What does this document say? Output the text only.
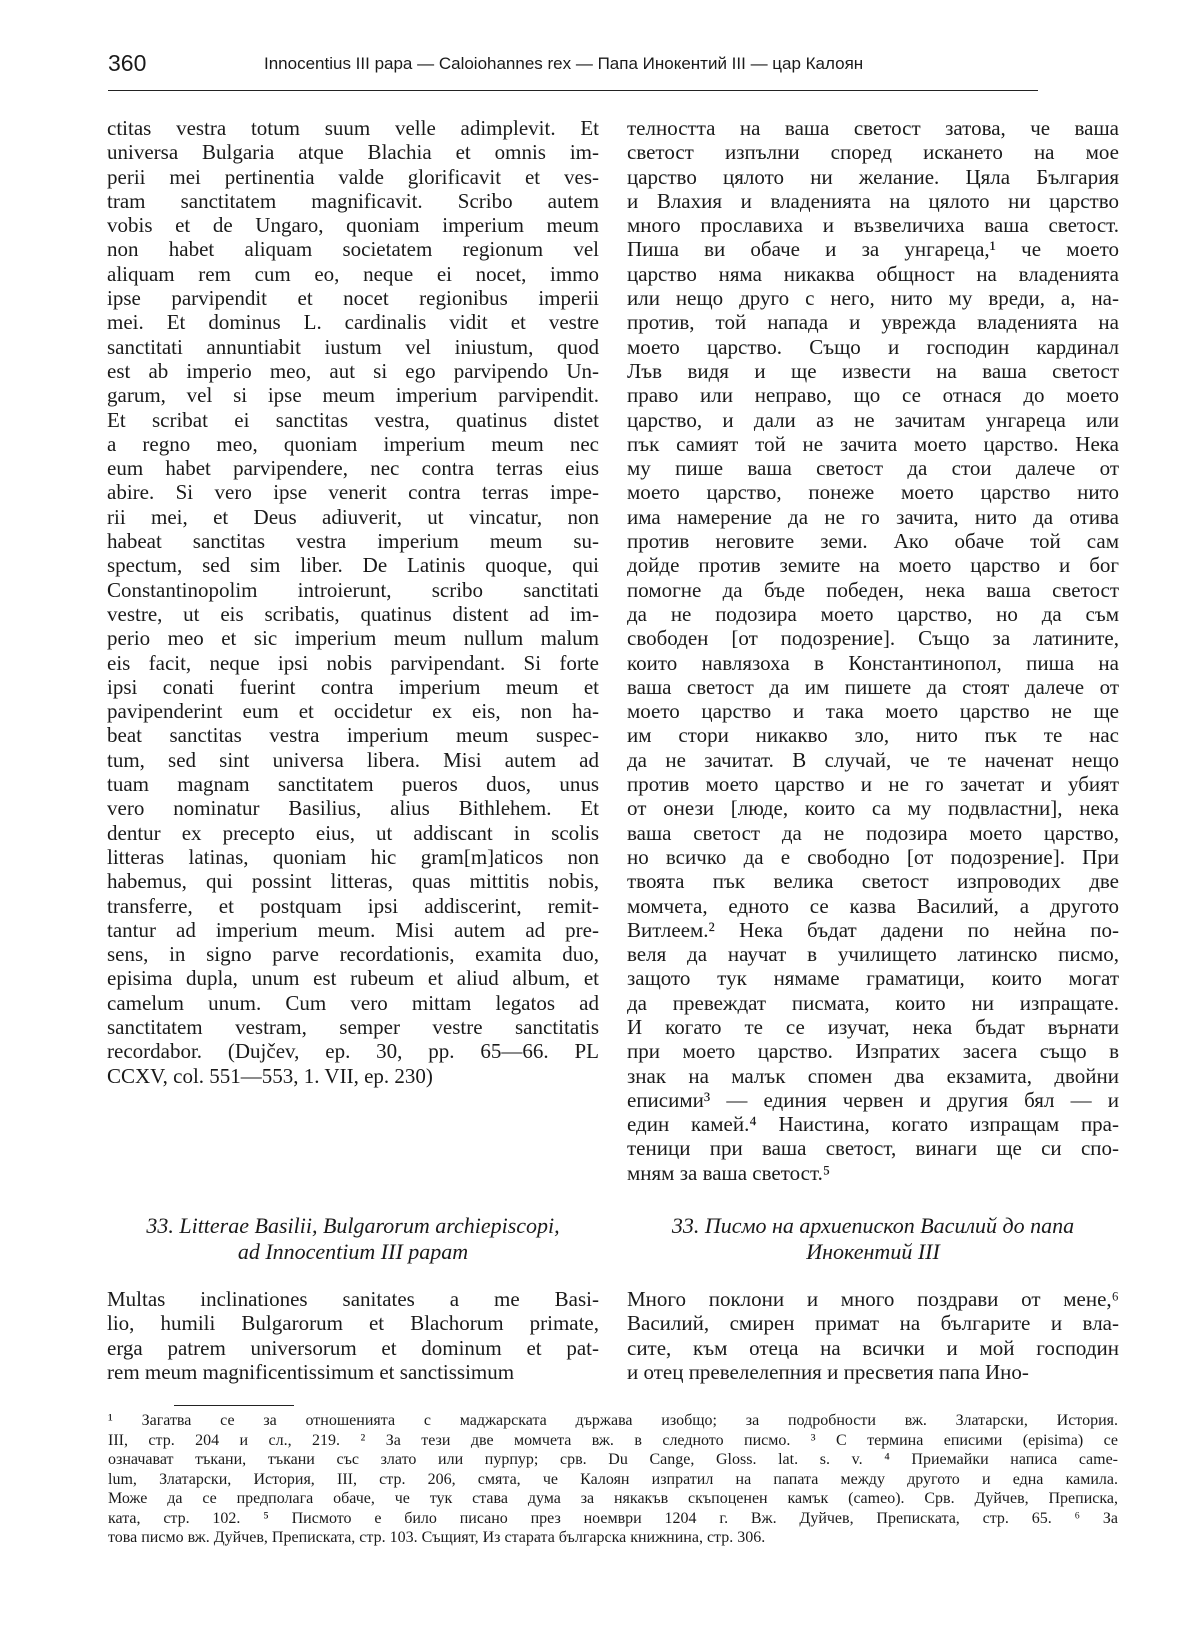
360	Innocentius III papa — Caloiohannes rex — Папа Инокентий III — цар Калоян
ctitas vestra totum suum velle adimplevit. Et
universa Bulgaria atque Blachia et omnis im-
perii mei pertinentia valde glorificavit et ves-
tram sanctitatem magnificavit. Scribo autem
vobis et de Ungaro, quoniam imperium meum
non habet aliquam societatem regionum vel
aliquam rem cum eo, neque ei nocet, immo
ipse parvipendit et nocet regionibus imperii
mei. Et dominus L. cardinalis vidit et vestre
sanctitati annuntiabit iustum vel iniustum, quod
est ab imperio meo, aut si ego parvipendo Un-
garum, vel si ipse meum imperium parvipendit.
Et scribat ei sanctitas vestra, quatinus distet
a regno meo, quoniam imperium meum nec
eum habet parvipendere, nec contra terras eius
abire. Si vero ipse venerit contra terras impe-
rii mei, et Deus adiuverit, ut vincatur, non
habeat sanctitas vestra imperium meum su-
spectum, sed sim liber. De Latinis quoque, qui
Constantinopolim introierunt, scribo sanctitati
vestre, ut eis scribatis, quatinus distent ad im-
perio meo et sic imperium meum nullum malum
eis facit, neque ipsi nobis parvipendant. Si forte
ipsi conati fuerint contra imperium meum et
pavipenderint eum et occidetur ex eis, non ha-
beat sanctitas vestra imperium meum suspec-
tum, sed sint universa libera. Misi autem ad
tuam magnam sanctitatem pueros duos, unus
vero nominatur Basilius, alius Bithlehem. Et
dentur ex precepto eius, ut addiscant in scolis
litteras latinas, quoniam hic gram[m]aticos non
habemus, qui possint litteras, quas mittitis nobis,
transferre, et postquam ipsi addiscerint, remit-
tantur ad imperium meum. Misi autem ad pre-
sens, in signo parve recordationis, examita duo,
episima dupla, unum est rubeum et aliud album, et
camelum unum. Cum vero mittam legatos ad
sanctitatem vestram, semper vestre sanctitatis
recordabor. (Dujčev, ep. 30, pp. 65—66. PL
CCXV, col. 551—553, 1. VII, ep. 230)
телността на ваша светост затова, че ваша
светост изпълни според искането на мое
царство цялото ни желание. Цяла България
и Влахия и владенията на цялото ни царство
много прославиха и възвеличиха ваша светост.
Пиша ви обаче и за унгареца,¹ че моето
царство няма никаква общност на владенията
или нещо друго с него, нито му вреди, а, на-
против, той напада и уврежда владенията на
моето царство. Също и господин кардинал
Лъв видя и ще извести на ваша светост
право или неправо, що се отнася до моето
царство, и дали аз не зачитам унгареца или
пък самият той не зачита моето царство. Нека
му пише ваша светост да стои далече от
моето царство, понеже моето царство нито
има намерение да не го зачита, нито да отива
против неговите земи. Ако обаче той сам
дойде против земите на моето царство и бог
помогне да бъде победен, нека ваша светост
да не подозира моето царство, но да съм
свободен [от подозрение]. Също за латините,
които навлязоха в Константинопол, пиша на
ваша светост да им пишете да стоят далече от
моето царство и така моето царство не ще
им стори никакво зло, нито пък те нас
да не зачитат. В случай, че те наченат нещо
против моето царство и не го зачетат и убият
от онези [люде, които са му подвластни], нека
ваша светост да не подозира моето царство,
но всичко да е свободно [от подозрение]. При
твоята пък велика светост изпроводих две
момчета, едното се казва Василий, а другото
Витлеем.² Нека бъдат дадени по нейна по-
веля да научат в училището латинско писмо,
защото тук нямаме граматици, които могат
да превеждат писмата, които ни изпращате.
И когато те се изучат, нека бъдат върнати
при моето царство. Изпратих засега също в
знак на малък спомен два екзамита, двойни
еписими³ — единия червен и другия бял — и
един камей.⁴ Наистина, когато изпращам пра-
теници при ваша светост, винаги ще си спо-
мням за ваша светост.⁵
33. Litterae Basilii, Bulgarorum archiepiscopi,
ad Innocentium III papam
33. Писмо на архиепископ Василий до папа
Инокентий III
Multas inclinationes sanitates a me Basi-
lio, humili Bulgarorum et Blachorum primate,
erga patrem universorum et dominum et pat-
rem meum magnificentissimum et sanctissimum
Много поклони и много поздрави от мене,⁶
Василий, смирен примат на българите и вла-
сите, към отеца на всички и мой господин
и отец превелелепния и пресветия папа Ино-
¹ Загатва се за отношенията с маджарската държава изобщо; за подробности вж. Златарски, История.
III, стр. 204 и сл., 219. ² За тези две момчета вж. в следното писмо. ³ С термина еписими (episima) се
означават тъкани, тъкани със злато или пурпур; срв. Du Cange, Gloss. lat. s. v. ⁴ Приемайки написа came-
lum, Златарски, История, III, стр. 206, смята, че Калоян изпратил на папата между другото и една камила.
Може да се предполага обаче, че тук става дума за някакъв скъпоценен камък (cameo). Срв. Дуйчев, Преписка,
ката, стр. 102. ⁵ Писмото е било писано през ноември 1204 г. Вж. Дуйчев, Преписката, стр. 65. ⁶ За
това писмо вж. Дуйчев, Преписката, стр. 103. Същият, Из старата българска книжнина, стр. 306.
